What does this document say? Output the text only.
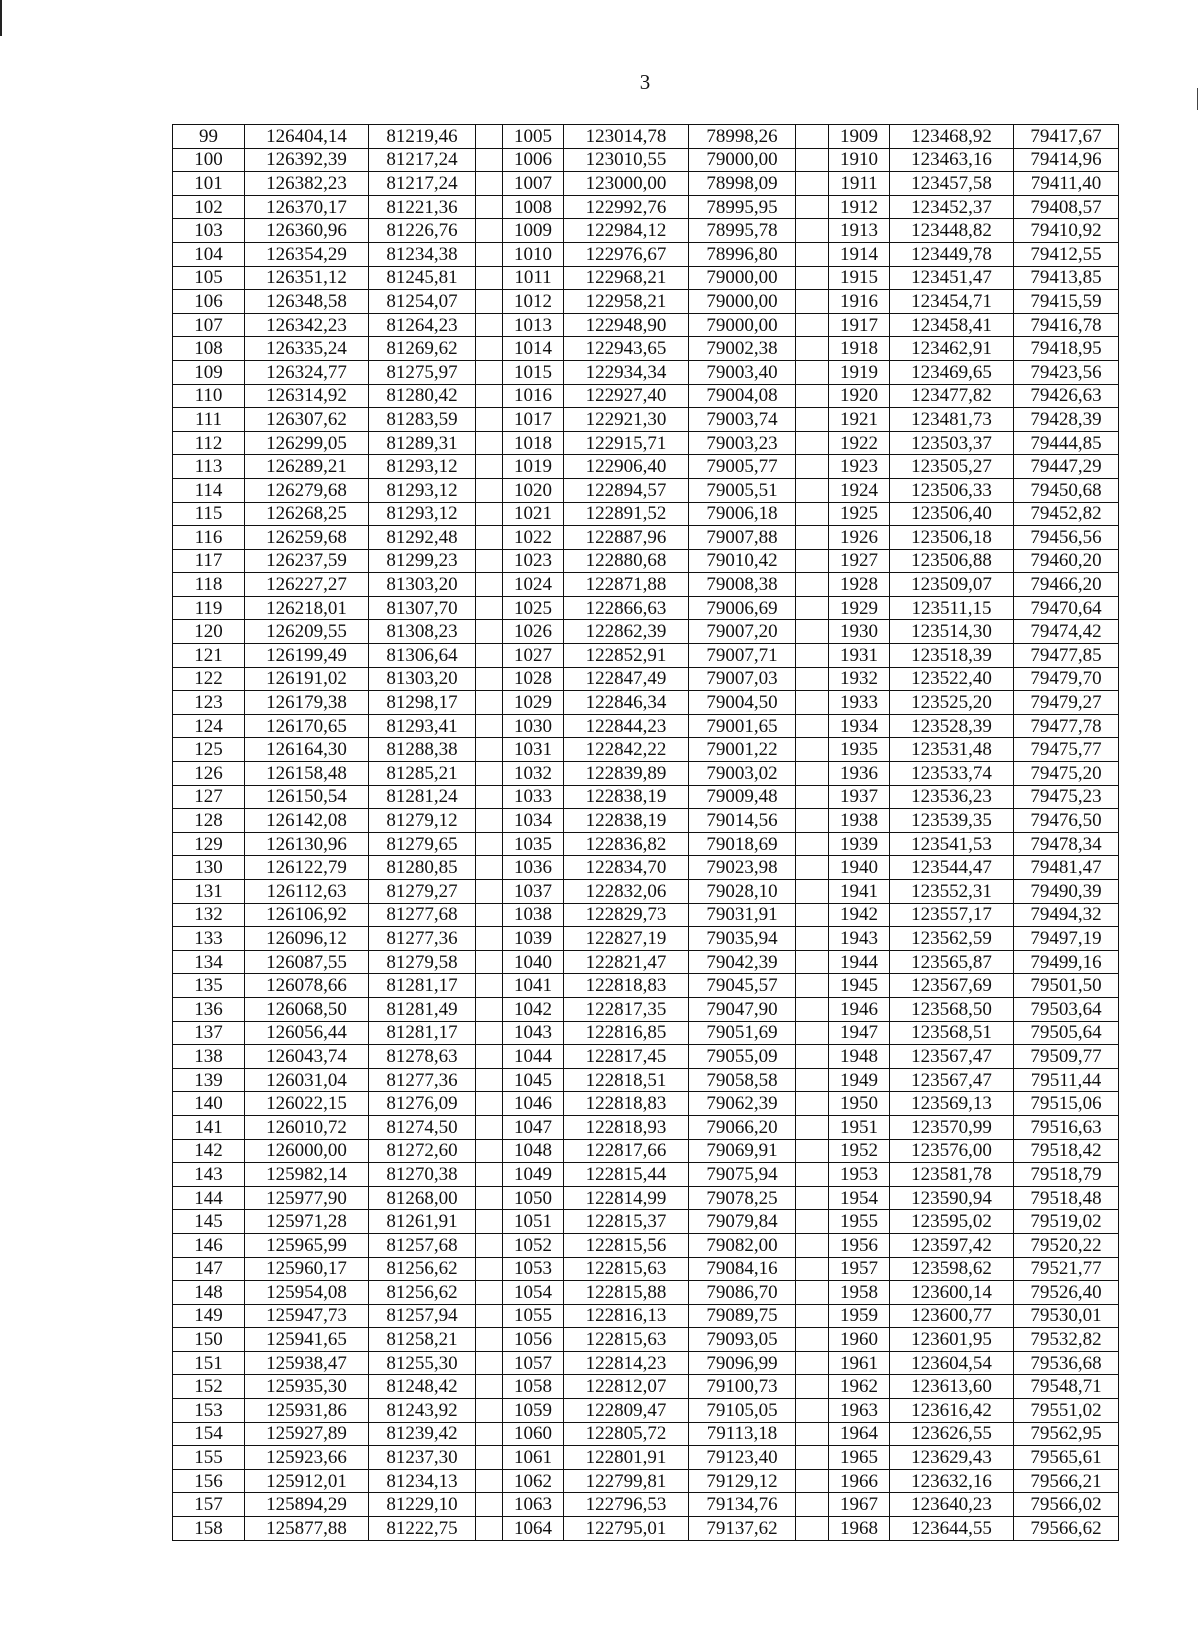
3
99	126404,14	81219,46		1005	123014,78	78998,26		1909	123468,92	79417,67
100	126392,39	81217,24		1006	123010,55	79000,00		1910	123463,16	79414,96
101	126382,23	81217,24		1007	123000,00	78998,09		1911	123457,58	79411,40
102	126370,17	81221,36		1008	122992,76	78995,95		1912	123452,37	79408,57
103	126360,96	81226,76		1009	122984,12	78995,78		1913	123448,82	79410,92
104	126354,29	81234,38		1010	122976,67	78996,80		1914	123449,78	79412,55
105	126351,12	81245,81		1011	122968,21	79000,00		1915	123451,47	79413,85
106	126348,58	81254,07		1012	122958,21	79000,00		1916	123454,71	79415,59
107	126342,23	81264,23		1013	122948,90	79000,00		1917	123458,41	79416,78
108	126335,24	81269,62		1014	122943,65	79002,38		1918	123462,91	79418,95
109	126324,77	81275,97		1015	122934,34	79003,40		1919	123469,65	79423,56
110	126314,92	81280,42		1016	122927,40	79004,08		1920	123477,82	79426,63
111	126307,62	81283,59		1017	122921,30	79003,74		1921	123481,73	79428,39
112	126299,05	81289,31		1018	122915,71	79003,23		1922	123503,37	79444,85
113	126289,21	81293,12		1019	122906,40	79005,77		1923	123505,27	79447,29
114	126279,68	81293,12		1020	122894,57	79005,51		1924	123506,33	79450,68
115	126268,25	81293,12		1021	122891,52	79006,18		1925	123506,40	79452,82
116	126259,68	81292,48		1022	122887,96	79007,88		1926	123506,18	79456,56
117	126237,59	81299,23		1023	122880,68	79010,42		1927	123506,88	79460,20
118	126227,27	81303,20		1024	122871,88	79008,38		1928	123509,07	79466,20
119	126218,01	81307,70		1025	122866,63	79006,69		1929	123511,15	79470,64
120	126209,55	81308,23		1026	122862,39	79007,20		1930	123514,30	79474,42
121	126199,49	81306,64		1027	122852,91	79007,71		1931	123518,39	79477,85
122	126191,02	81303,20		1028	122847,49	79007,03		1932	123522,40	79479,70
123	126179,38	81298,17		1029	122846,34	79004,50		1933	123525,20	79479,27
124	126170,65	81293,41		1030	122844,23	79001,65		1934	123528,39	79477,78
125	126164,30	81288,38		1031	122842,22	79001,22		1935	123531,48	79475,77
126	126158,48	81285,21		1032	122839,89	79003,02		1936	123533,74	79475,20
127	126150,54	81281,24		1033	122838,19	79009,48		1937	123536,23	79475,23
128	126142,08	81279,12		1034	122838,19	79014,56		1938	123539,35	79476,50
129	126130,96	81279,65		1035	122836,82	79018,69		1939	123541,53	79478,34
130	126122,79	81280,85		1036	122834,70	79023,98		1940	123544,47	79481,47
131	126112,63	81279,27		1037	122832,06	79028,10		1941	123552,31	79490,39
132	126106,92	81277,68		1038	122829,73	79031,91		1942	123557,17	79494,32
133	126096,12	81277,36		1039	122827,19	79035,94		1943	123562,59	79497,19
134	126087,55	81279,58		1040	122821,47	79042,39		1944	123565,87	79499,16
135	126078,66	81281,17		1041	122818,83	79045,57		1945	123567,69	79501,50
136	126068,50	81281,49		1042	122817,35	79047,90		1946	123568,50	79503,64
137	126056,44	81281,17		1043	122816,85	79051,69		1947	123568,51	79505,64
138	126043,74	81278,63		1044	122817,45	79055,09		1948	123567,47	79509,77
139	126031,04	81277,36		1045	122818,51	79058,58		1949	123567,47	79511,44
140	126022,15	81276,09		1046	122818,83	79062,39		1950	123569,13	79515,06
141	126010,72	81274,50		1047	122818,93	79066,20		1951	123570,99	79516,63
142	126000,00	81272,60		1048	122817,66	79069,91		1952	123576,00	79518,42
143	125982,14	81270,38		1049	122815,44	79075,94		1953	123581,78	79518,79
144	125977,90	81268,00		1050	122814,99	79078,25		1954	123590,94	79518,48
145	125971,28	81261,91		1051	122815,37	79079,84		1955	123595,02	79519,02
146	125965,99	81257,68		1052	122815,56	79082,00		1956	123597,42	79520,22
147	125960,17	81256,62		1053	122815,63	79084,16		1957	123598,62	79521,77
148	125954,08	81256,62		1054	122815,88	79086,70		1958	123600,14	79526,40
149	125947,73	81257,94		1055	122816,13	79089,75		1959	123600,77	79530,01
150	125941,65	81258,21		1056	122815,63	79093,05		1960	123601,95	79532,82
151	125938,47	81255,30		1057	122814,23	79096,99		1961	123604,54	79536,68
152	125935,30	81248,42		1058	122812,07	79100,73		1962	123613,60	79548,71
153	125931,86	81243,92		1059	122809,47	79105,05		1963	123616,42	79551,02
154	125927,89	81239,42		1060	122805,72	79113,18		1964	123626,55	79562,95
155	125923,66	81237,30		1061	122801,91	79123,40		1965	123629,43	79565,61
156	125912,01	81234,13		1062	122799,81	79129,12		1966	123632,16	79566,21
157	125894,29	81229,10		1063	122796,53	79134,76		1967	123640,23	79566,02
158	125877,88	81222,75		1064	122795,01	79137,62		1968	123644,55	79566,62
